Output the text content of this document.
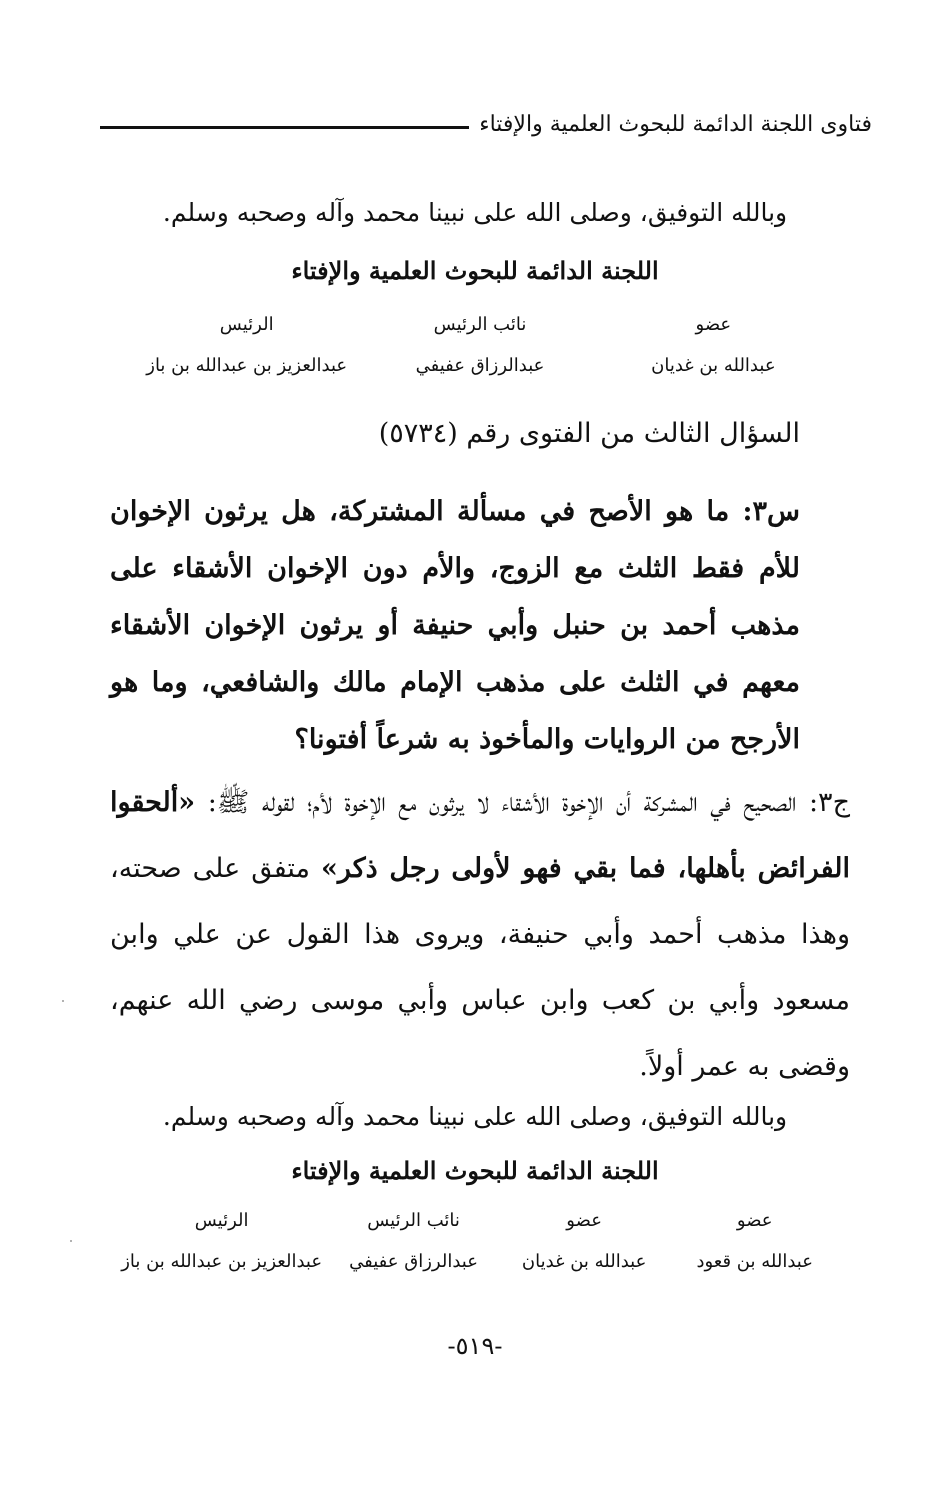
فتاوى اللجنة الدائمة للبحوث العلمية والإفتاء
وبالله التوفيق، وصلى الله على نبينا محمد وآله وصحبه وسلم.
اللجنة الدائمة للبحوث العلمية والإفتاء
عضو
عبدالله بن غديان
نائب الرئيس
عبدالرزاق عفيفي
الرئيس
عبدالعزيز بن عبدالله بن باز
السؤال الثالث من الفتوى رقم (٥٧٣٤)
س٣: ما هو الأصح في مسألة المشتركة، هل يرثون الإخوان للأم فقط الثلث مع الزوج، والأم دون الإخوان الأشقاء على مذهب أحمد بن حنبل وأبي حنيفة أو يرثون الإخوان الأشقاء معهم في الثلث على مذهب الإمام مالك والشافعي، وما هو الأرجح من الروايات والمأخوذ به شرعاً أفتونا؟
ج٣: الصحيح في المشركة أن الإخوة الأشقاء لا يرثون مع الإخوة لأم؛ لقوله ﷺ: «ألحقوا الفرائض بأهلها، فما بقي فهو لأولى رجل ذكر» متفق على صحته، وهذا مذهب أحمد وأبي حنيفة، ويروى هذا القول عن علي وابن مسعود وأبي بن كعب وابن عباس وأبي موسى رضي الله عنهم، وقضى به عمر أولاً.
وبالله التوفيق، وصلى الله على نبينا محمد وآله وصحبه وسلم.
اللجنة الدائمة للبحوث العلمية والإفتاء
عضو
عبدالله بن قعود
عضو
عبدالله بن غديان
نائب الرئيس
عبدالرزاق عفيفي
الرئيس
عبدالعزيز بن عبدالله بن باز
-٥١٩-
